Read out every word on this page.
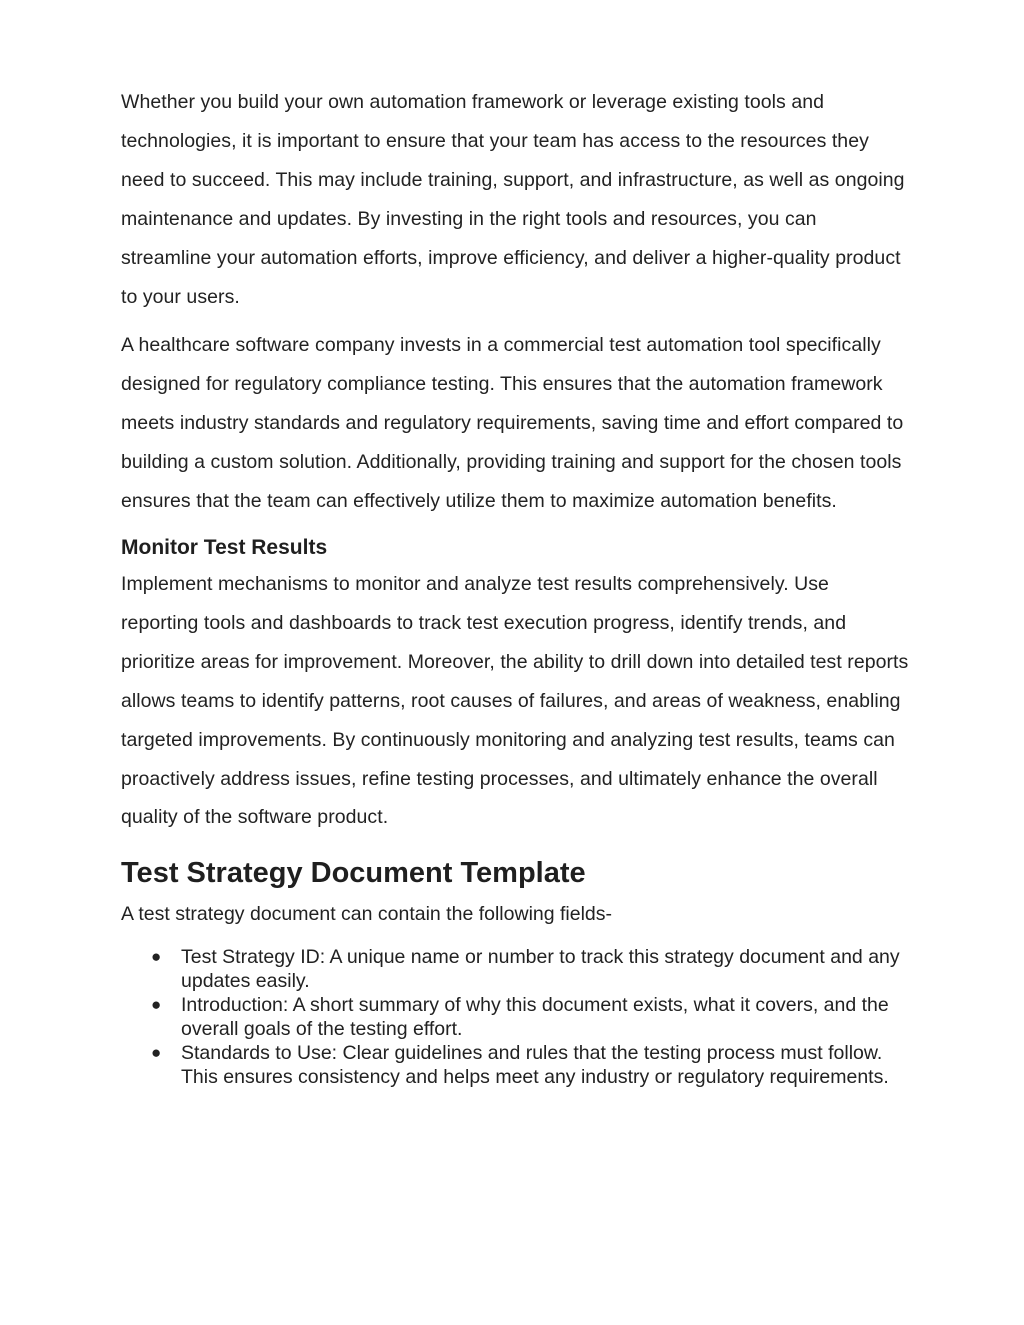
Whether you build your own automation framework or leverage existing tools and technologies, it is important to ensure that your team has access to the resources they need to succeed. This may include training, support, and infrastructure, as well as ongoing maintenance and updates. By investing in the right tools and resources, you can streamline your automation efforts, improve efficiency, and deliver a higher-quality product to your users.

A healthcare software company invests in a commercial test automation tool specifically designed for regulatory compliance testing. This ensures that the automation framework meets industry standards and regulatory requirements, saving time and effort compared to building a custom solution. Additionally, providing training and support for the chosen tools ensures that the team can effectively utilize them to maximize automation benefits.

Monitor Test Results

Implement mechanisms to monitor and analyze test results comprehensively. Use reporting tools and dashboards to track test execution progress, identify trends, and prioritize areas for improvement. Moreover, the ability to drill down into detailed test reports allows teams to identify patterns, root causes of failures, and areas of weakness, enabling targeted improvements. By continuously monitoring and analyzing test results, teams can proactively address issues, refine testing processes, and ultimately enhance the overall quality of the software product.

Test Strategy Document Template

A test strategy document can contain the following fields-

● Test Strategy ID: A unique name or number to track this strategy document and any updates easily.
● Introduction: A short summary of why this document exists, what it covers, and the overall goals of the testing effort.
● Standards to Use: Clear guidelines and rules that the testing process must follow. This ensures consistency and helps meet any industry or regulatory requirements.
